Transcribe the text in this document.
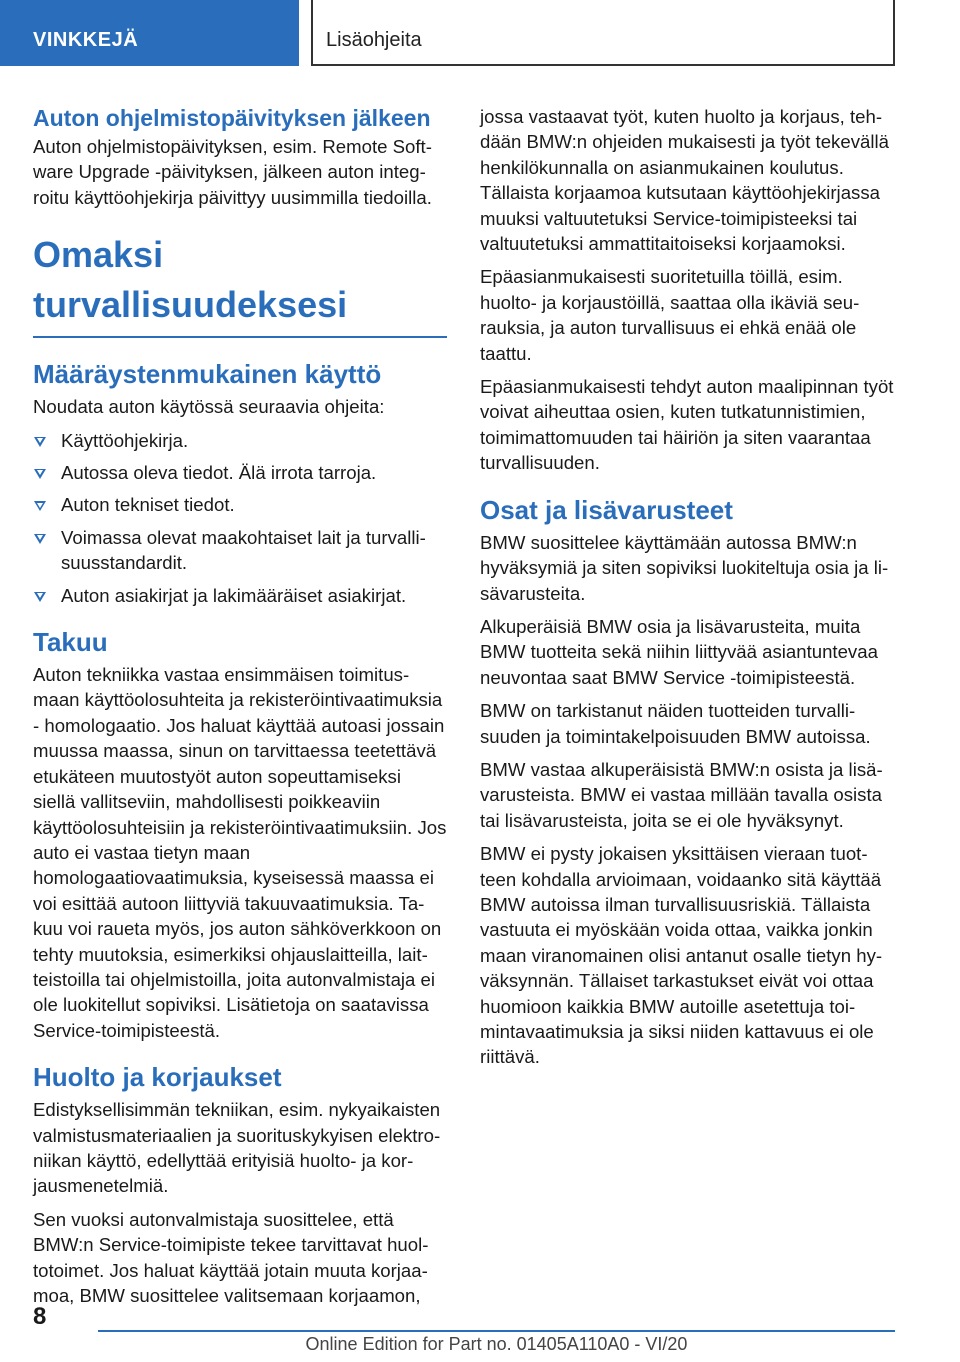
VINKKEJÄ	Lisäohjeita
Auton ohjelmistopäivityksen jälkeen

Auton ohjelmistopäivityksen, esim. Remote Software Upgrade -päivityksen, jälkeen auton integroitu käyttöohjekirja päivittyy uusimmilla tiedoilla.

Omaksi turvallisuudeksesi
Määräystenmukainen käyttö

Noudata auton käytössä seuraavia ohjeita:

Käyttöohjekirja.
Autossa oleva tiedot. Älä irrota tarroja.
Auton tekniset tiedot.
Voimassa olevat maakohtaiset lait ja turvallisuusstandardit.
Auton asiakirjat ja lakimääräiset asiakirjat.
Takuu

Auton tekniikka vastaa ensimmäisen toimitusmaan käyttöolosuhteita ja rekisteröintivaatimuksia - homologaatio. Jos haluat käyttää autoasi jossain muussa maassa, sinun on tarvittaessa teetettävä etukäteen muutostyöt auton sopeuttamiseksi siellä vallitseviin, mahdollisesti poikkeaviin käyttöolosuhteisiin ja rekisteröintivaatimuksiin. Jos auto ei vastaa tietyn maan homologaatiovaatimuksia, kyseisessä maassa ei voi esittää autoon liittyviä takuuvaatimuksia. Takuu voi raueta myös, jos auton sähköverkkoon on tehty muutoksia, esimerkiksi ohjauslaitteilla, laitteistoilla tai ohjelmistoilla, joita autonvalmistaja ei ole luokitellut sopiviksi. Lisätietoja on saatavissa Service-toimipisteestä.

Huolto ja korjaukset

Edistyksellisimmän tekniikan, esim. nykyaikaisten valmistusmateriaalien ja suorituskykyisen elektroniikan käyttö, edellyttää erityisiä huolto- ja korjausmenetelmiä.

Sen vuoksi autonvalmistaja suosittelee, että BMW:n Service-toimipiste tekee tarvittavat huoltotoimet. Jos haluat käyttää jotain muuta korjaamoa, BMW suosittelee valitsemaan korjaamon,

jossa vastaavat työt, kuten huolto ja korjaus, tehdään BMW:n ohjeiden mukaisesti ja työt tekevällä henkilökunnalla on asianmukainen koulutus. Tällaista korjaamoa kutsutaan käyttöohjekirjassa muuksi valtuutetuksi Service-toimipisteeksi tai valtuutetuksi ammattitaitoiseksi korjaamoksi.

Epäasianmukaisesti suoritetuilla töillä, esim. huolto- ja korjaustöillä, saattaa olla ikäviä seurauksia, ja auton turvallisuus ei ehkä enää ole taattu.

Epäasianmukaisesti tehdyt auton maalipinnan työt voivat aiheuttaa osien, kuten tutkatunnistimien, toimimattomuuden tai häiriön ja siten vaarantaa turvallisuuden.

Osat ja lisävarusteet

BMW suosittelee käyttämään autossa BMW:n hyväksymiä ja siten sopiviksi luokiteltuja osia ja lisävarusteita.

Alkuperäisiä BMW osia ja lisävarusteita, muita BMW tuotteita sekä niihin liittyvää asiantuntevaa neuvontaa saat BMW Service -toimipisteestä.

BMW on tarkistanut näiden tuotteiden turvallisuuden ja toimintakelpoisuuden BMW autoissa.

BMW vastaa alkuperäisistä BMW:n osista ja lisävarusteista. BMW ei vastaa millään tavalla osista tai lisävarusteista, joita se ei ole hyväksynyt.

BMW ei pysty jokaisen yksittäisen vieraan tuotteen kohdalla arvioimaan, voidaanko sitä käyttää BMW autoissa ilman turvallisuusriskiä. Tällaista vastuuta ei myöskään voida ottaa, vaikka jonkin maan viranomainen olisi antanut osalle tietyn hyväksynnän. Tällaiset tarkastukset eivät voi ottaa huomioon kaikkia BMW autoille asetettuja toimintavaatimuksia ja siksi niiden kattavuus ei ole riittävä.

8
Online Edition for Part no. 01405A110A0 - VI/20
